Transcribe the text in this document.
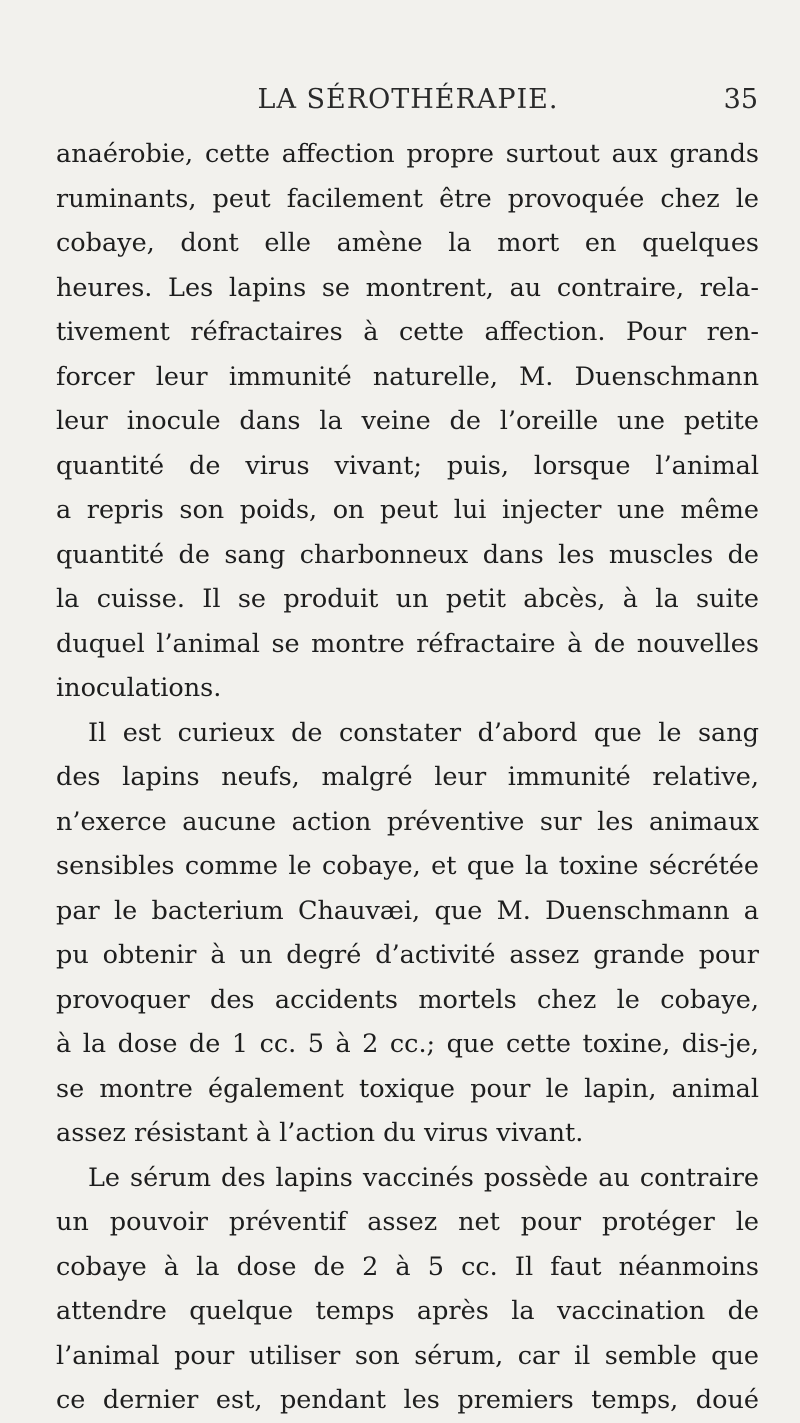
LA SÉROTHÉRAPIE.	35
anaérobie, cette affection propre surtout aux grands
ruminants, peut facilement être provoquée chez le
cobaye, dont elle amène la mort en quelques
heures. Les lapins se montrent, au contraire, rela-
tivement réfractaires à cette affection. Pour ren-
forcer leur immunité naturelle, M. Duenschmann
leur inocule dans la veine de l’oreille une petite
quantité de virus vivant; puis, lorsque l’animal
a repris son poids, on peut lui injecter une même
quantité de sang charbonneux dans les muscles de
la cuisse. Il se produit un petit abcès, à la suite
duquel l’animal se montre réfractaire à de nouvelles
inoculations.
Il est curieux de constater d’abord que le sang
des lapins neufs, malgré leur immunité relative,
n’exerce aucune action préventive sur les animaux
sensibles comme le cobaye, et que la toxine sécrétée
par le bacterium Chauvæi, que M. Duenschmann a
pu obtenir à un degré d’activité assez grande pour
provoquer des accidents mortels chez le cobaye,
à la dose de 1 cc. 5 à 2 cc.; que cette toxine, dis-je,
se montre également toxique pour le lapin, animal
assez résistant à l’action du virus vivant.
Le sérum des lapins vaccinés possède au contraire
un pouvoir préventif assez net pour protéger le
cobaye à la dose de 2 à 5 cc. Il faut néanmoins
attendre quelque temps après la vaccination de
l’animal pour utiliser son sérum, car il semble que
ce dernier est, pendant les premiers temps, doué
